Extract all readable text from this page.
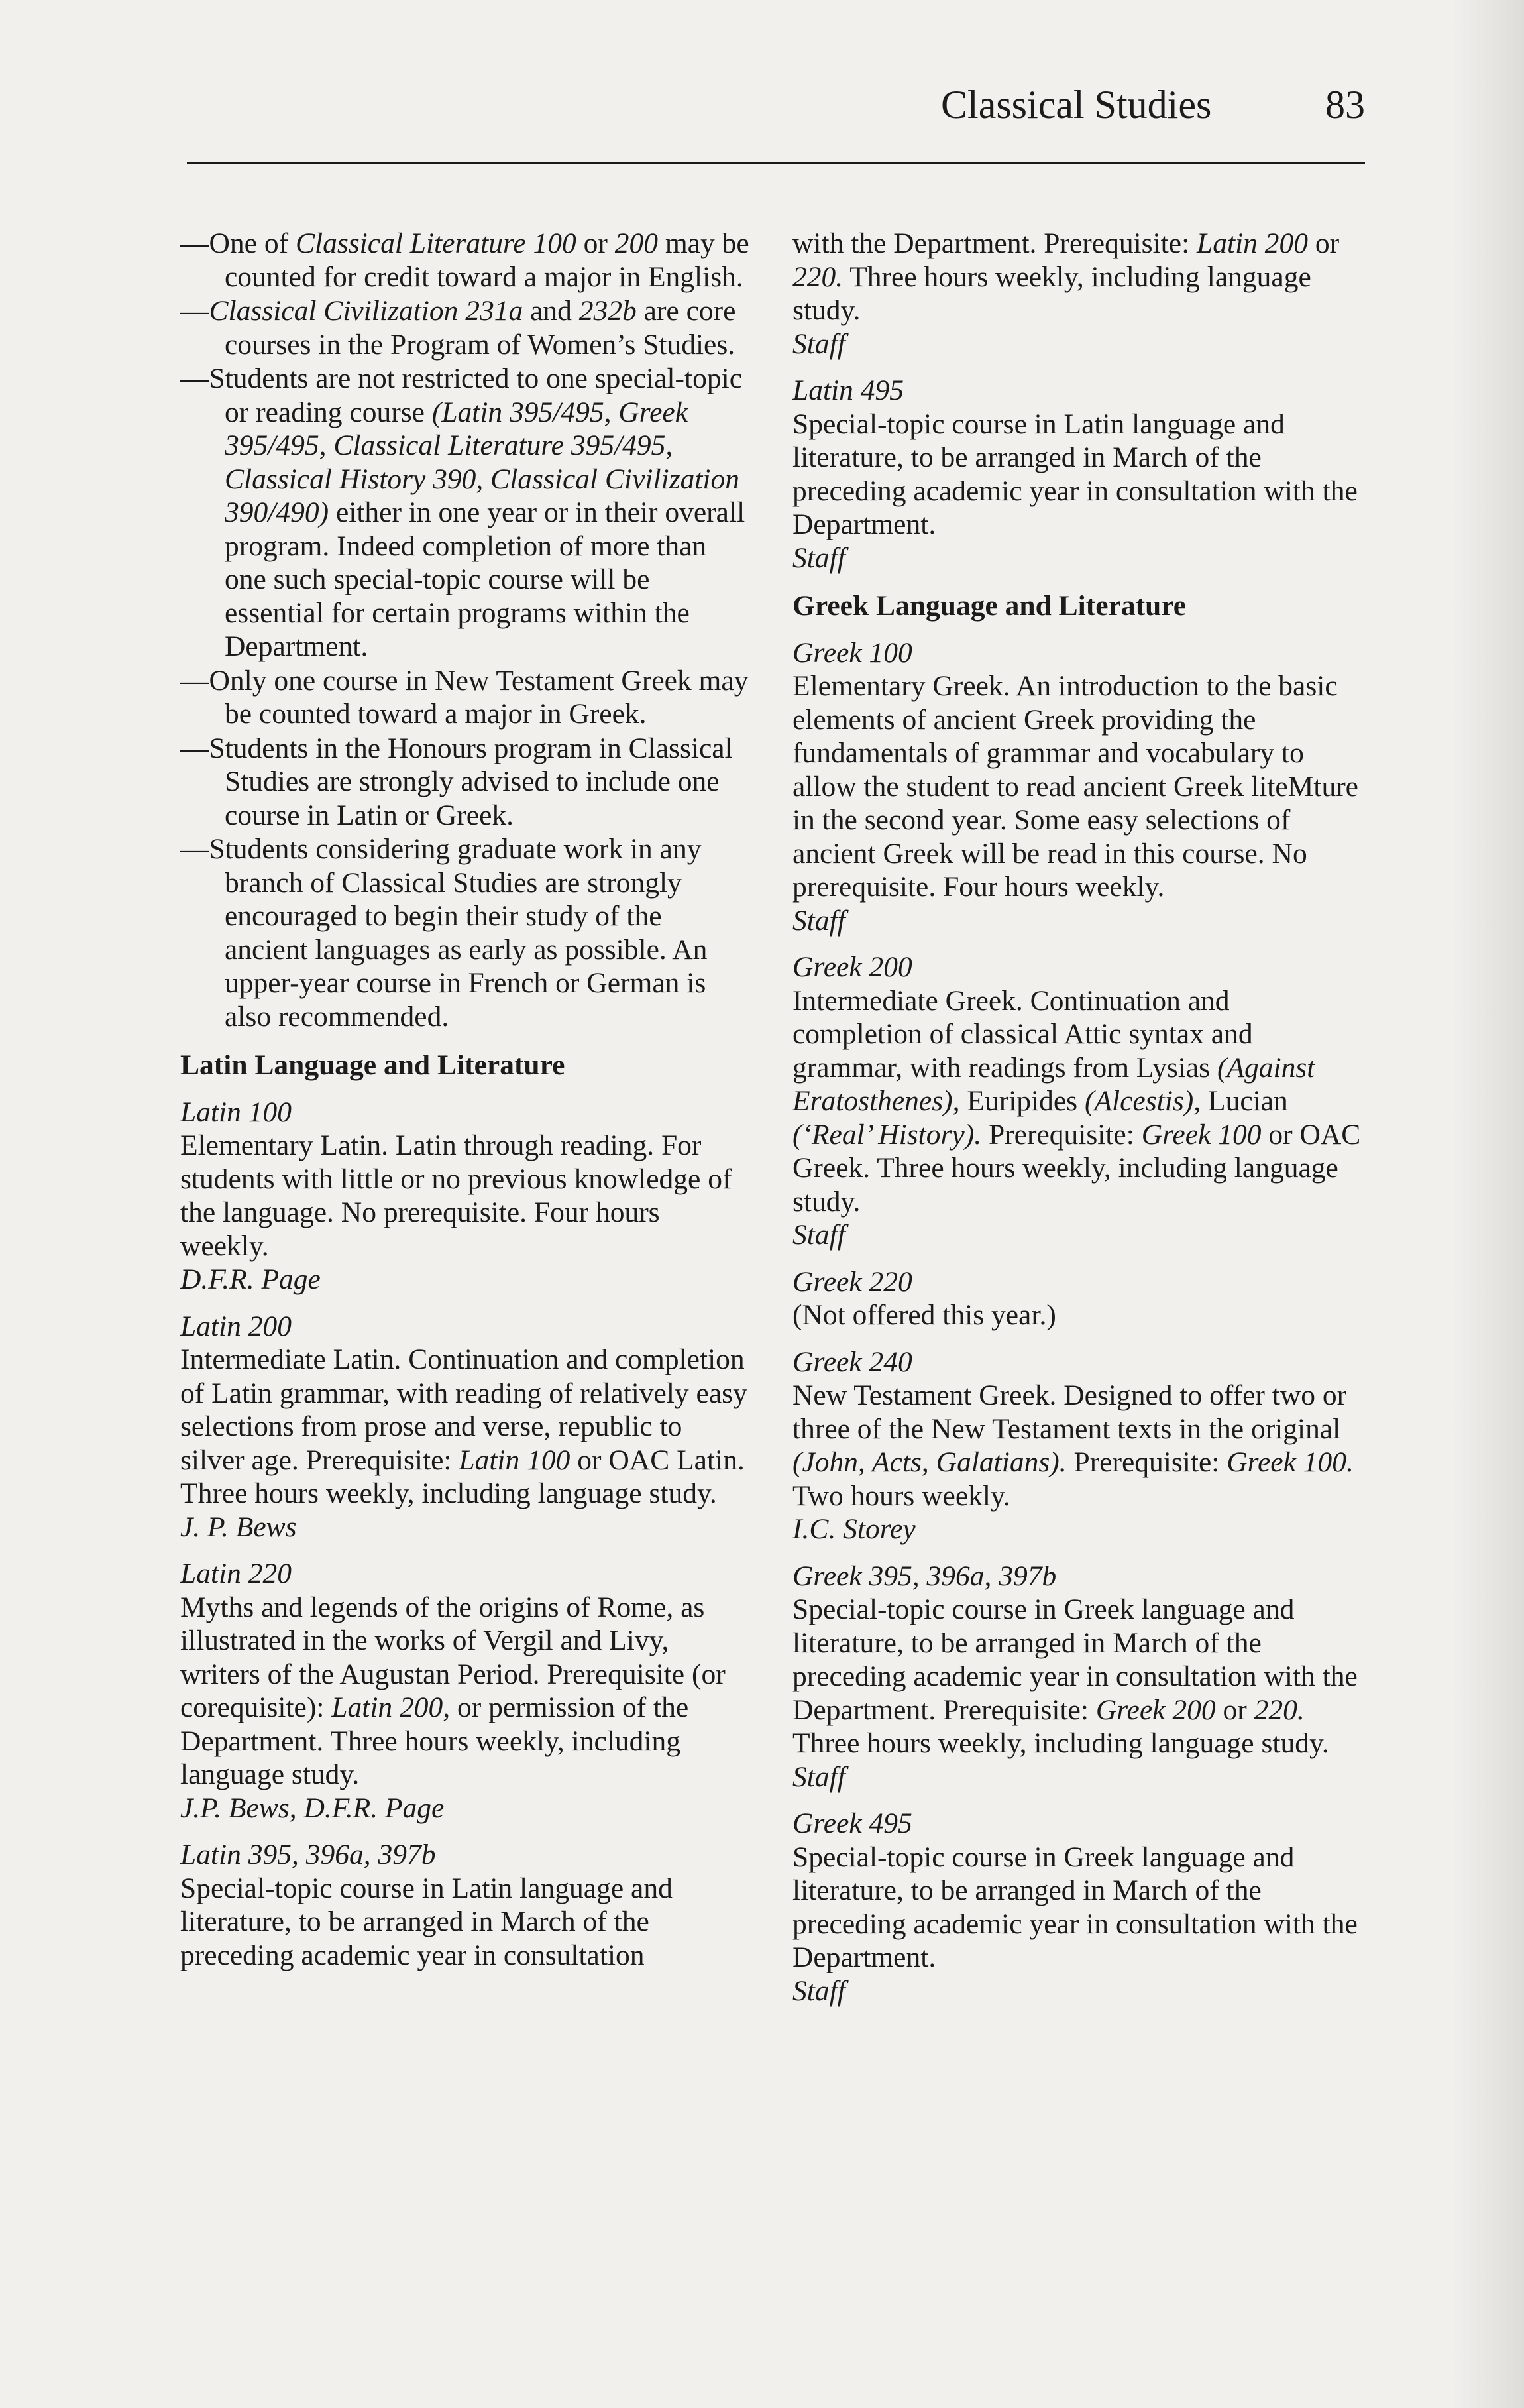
Classical Studies	83

—One of Classical Literature 100 or 200 may be counted for credit toward a major in English.

—Classical Civilization 231a and 232b are core courses in the Program of Women’s Studies.

—Students are not restricted to one special-topic or reading course (Latin 395/495, Greek 395/495, Classical Literature 395/495, Classical History 390, Classical Civilization 390/490) either in one year or in their overall program. Indeed completion of more than one such special-topic course will be essential for certain programs within the Department.

—Only one course in New Testament Greek may be counted toward a major in Greek.

—Students in the Honours program in Classical Studies are strongly advised to include one course in Latin or Greek.

—Students considering graduate work in any branch of Classical Studies are strongly encouraged to begin their study of the ancient languages as early as possible. An upper-year course in French or German is also recommended.

Latin Language and Literature

Latin 100

Elementary Latin. Latin through reading. For students with little or no previous knowledge of the language. No prerequisite. Four hours weekly.

D.F.R. Page

Latin 200

Intermediate Latin. Continuation and completion of Latin grammar, with reading of relatively easy selections from prose and verse, republic to silver age. Prerequisite: Latin 100 or OAC Latin. Three hours weekly, including language study.

J. P. Bews

Latin 220

Myths and legends of the origins of Rome, as illustrated in the works of Vergil and Livy, writers of the Augustan Period. Prerequisite (or corequisite): Latin 200, or permission of the Department. Three hours weekly, including language study.

J.P. Bews, D.F.R. Page

Latin 395, 396a, 397b

Special-topic course in Latin language and literature, to be arranged in March of the preceding academic year in consultation

with the Department. Prerequisite: Latin 200 or 220. Three hours weekly, including language study.

Staff

Latin 495

Special-topic course in Latin language and literature, to be arranged in March of the preceding academic year in consultation with the Department.

Staff

Greek Language and Literature

Greek 100

Elementary Greek. An introduction to the basic elements of ancient Greek providing the fundamentals of grammar and vocabulary to allow the student to read ancient Greek liteMture in the second year. Some easy selections of ancient Greek will be read in this course. No prerequisite. Four hours weekly.

Staff

Greek 200

Intermediate Greek. Continuation and completion of classical Attic syntax and grammar, with readings from Lysias (Against Eratosthenes), Euripides (Alcestis), Lucian (‘Real’ History). Prerequisite: Greek 100 or OAC Greek. Three hours weekly, including language study.

Staff

Greek 220

(Not offered this year.)

Greek 240

New Testament Greek. Designed to offer two or three of the New Testament texts in the original (John, Acts, Galatians). Prerequisite: Greek 100. Two hours weekly.

I.C. Storey

Greek 395, 396a, 397b

Special-topic course in Greek language and literature, to be arranged in March of the preceding academic year in consultation with the Department. Prerequisite: Greek 200 or 220. Three hours weekly, including language study.

Staff

Greek 495

Special-topic course in Greek language and literature, to be arranged in March of the preceding academic year in consultation with the Department.

Staff
